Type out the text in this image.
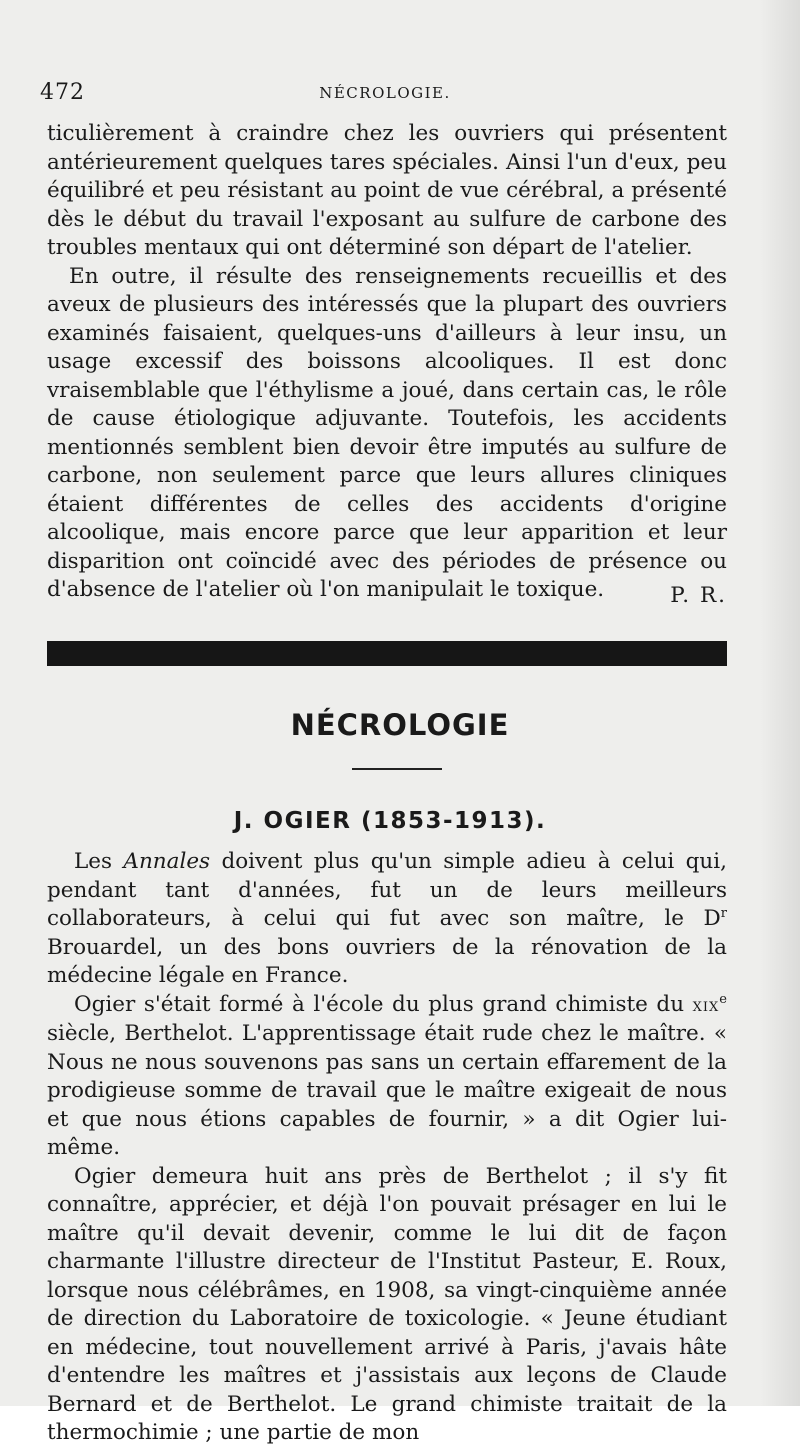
472	NÉCROLOGIE.

ticulièrement à craindre chez les ouvriers qui présentent antérieurement quelques tares spéciales. Ainsi l'un d'eux, peu équilibré et peu résistant au point de vue cérébral, a présenté dès le début du travail l'exposant au sulfure de carbone des troubles mentaux qui ont déterminé son départ de l'atelier.

En outre, il résulte des renseignements recueillis et des aveux de plusieurs des intéressés que la plupart des ouvriers examinés faisaient, quelques-uns d'ailleurs à leur insu, un usage excessif des boissons alcooliques. Il est donc vraisemblable que l'éthylisme a joué, dans certain cas, le rôle de cause étiologique adjuvante. Toutefois, les accidents mentionnés semblent bien devoir être imputés au sulfure de carbone, non seulement parce que leurs allures cliniques étaient différentes de celles des accidents d'origine alcoolique, mais encore parce que leur apparition et leur disparition ont coïncidé avec des périodes de présence ou d'absence de l'atelier où l'on manipulait le toxique.	P. R.
NÉCROLOGIE
J. OGIER (1853-1913).

Les Annales doivent plus qu'un simple adieu à celui qui, pendant tant d'années, fut un de leurs meilleurs collaborateurs, à celui qui fut avec son maître, le $D^r$ Brouardel, un des bons ouvriers de la rénovation de la médecine légale en France.

Ogier s'était formé à l'école du plus grand chimiste du xix$^e$ siècle, Berthelot. L'apprentissage était rude chez le maître. « Nous ne nous souvenons pas sans un certain effarement de la prodigieuse somme de travail que le maître exigeait de nous et que nous étions capables de fournir, » a dit Ogier lui-même.

Ogier demeura huit ans près de Berthelot ; il s'y fit connaître, apprécier, et déjà l'on pouvait présager en lui le maître qu'il devait devenir, comme le lui dit de façon charmante l'illustre directeur de l'Institut Pasteur, E. Roux, lorsque nous célébrâmes, en 1908, sa vingt-cinquième année de direction du Laboratoire de toxicologie. « Jeune étudiant en médecine, tout nouvellement arrivé à Paris, j'avais hâte d'entendre les maîtres et j'assistais aux leçons de Claude Bernard et de Berthelot. Le grand chimiste traitait de la thermochimie ; une partie de mon
